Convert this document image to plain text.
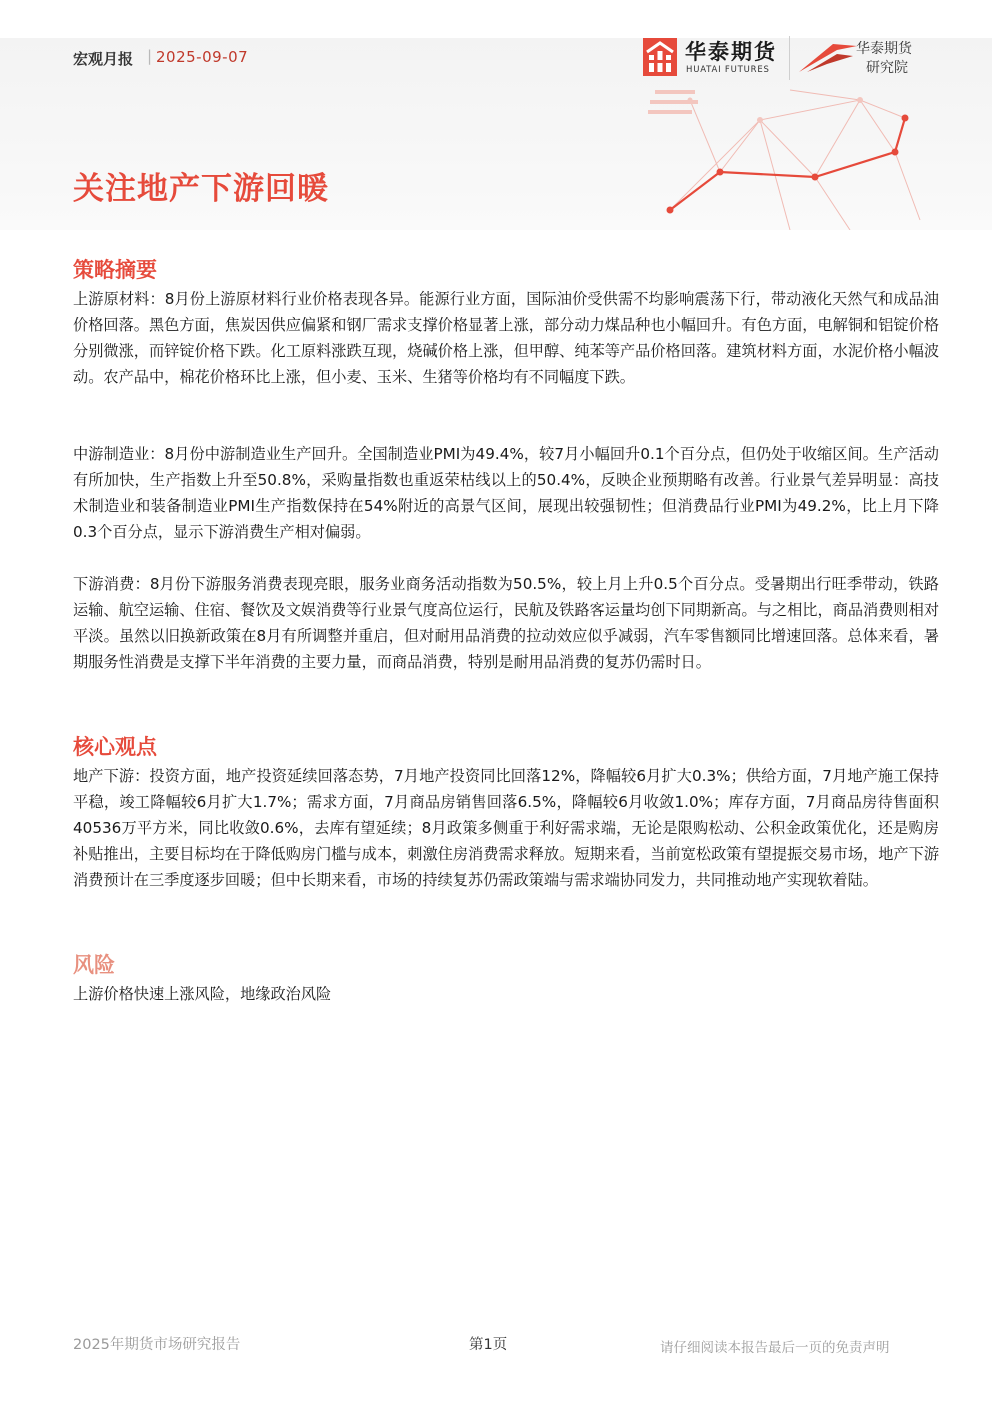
宏观月报 | 2025-09-07	华泰期货
HUATAI FUTURES
华泰期货
研究院
关注地产下游回暖
策略摘要

上游原材料：8月份上游原材料行业价格表现各异。能源行业方面，国际油价受供需不均影响震荡下行，带动液化天然气和成品油价格回落。黑色方面，焦炭因供应偏紧和钢厂需求支撑价格显著上涨，部分动力煤品种也小幅回升。有色方面，电解铜和铝锭价格分别微涨，而锌锭价格下跌。化工原料涨跌互现，烧碱价格上涨，但甲醇、纯苯等产品价格回落。建筑材料方面，水泥价格小幅波动。农产品中，棉花价格环比上涨，但小麦、玉米、生猪等价格均有不同幅度下跌。

中游制造业：8月份中游制造业生产回升。全国制造业PMI为49.4%，较7月小幅回升0.1个百分点，但仍处于收缩区间。生产活动有所加快，生产指数上升至50.8%，采购量指数也重返荣枯线以上的50.4%，反映企业预期略有改善。行业景气差异明显：高技术制造业和装备制造业PMI生产指数保持在54%附近的高景气区间，展现出较强韧性；但消费品行业PMI为49.2%，比上月下降0.3个百分点，显示下游消费生产相对偏弱。

下游消费：8月份下游服务消费表现亮眼，服务业商务活动指数为50.5%，较上月上升0.5个百分点。受暑期出行旺季带动，铁路运输、航空运输、住宿、餐饮及文娱消费等行业景气度高位运行，民航及铁路客运量均创下同期新高。与之相比，商品消费则相对平淡。虽然以旧换新政策在8月有所调整并重启，但对耐用品消费的拉动效应似乎减弱，汽车零售额同比增速回落。总体来看，暑期服务性消费是支撑下半年消费的主要力量，而商品消费，特别是耐用品消费的复苏仍需时日。

核心观点

地产下游：投资方面，地产投资延续回落态势，7月地产投资同比回落12%，降幅较6月扩大0.3%；供给方面，7月地产施工保持平稳，竣工降幅较6月扩大1.7%；需求方面，7月商品房销售回落6.5%，降幅较6月收敛1.0%；库存方面，7月商品房待售面积40536万平方米，同比收敛0.6%，去库有望延续；8月政策多侧重于利好需求端，无论是限购松动、公积金政策优化，还是购房补贴推出，主要目标均在于降低购房门槛与成本，刺激住房消费需求释放。短期来看，当前宽松政策有望提振交易市场，地产下游消费预计在三季度逐步回暖；但中长期来看，市场的持续复苏仍需政策端与需求端协同发力，共同推动地产实现软着陆。

风险

上游价格快速上涨风险，地缘政治风险

2025年期货市场研究报告	第1页	请仔细阅读本报告最后一页的免责声明
